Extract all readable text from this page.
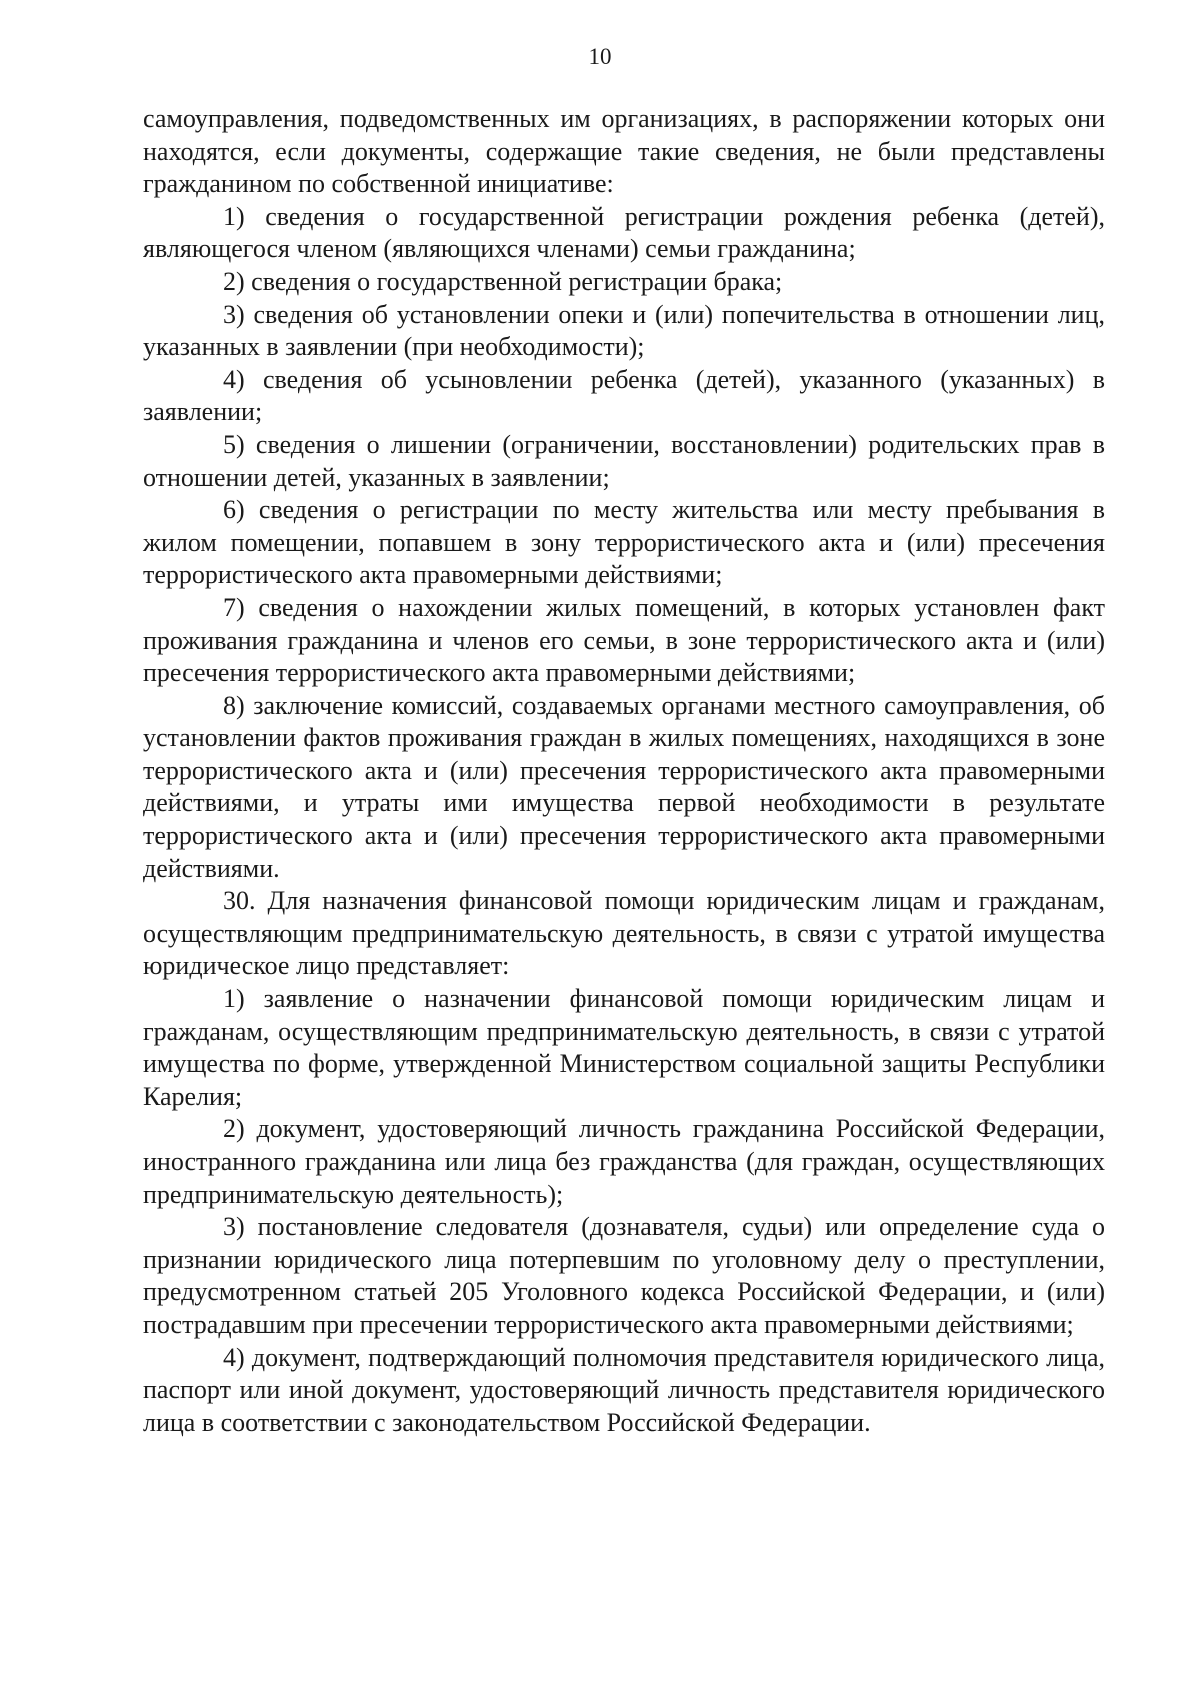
10

самоуправления, подведомственных им организациях, в распоряжении которых они находятся, если документы, содержащие такие сведения, не были представлены гражданином по собственной инициативе:

1) сведения о государственной регистрации рождения ребенка (детей), являющегося членом (являющихся членами) семьи гражданина;

2) сведения о государственной регистрации брака;

3) сведения об установлении опеки и (или) попечительства в отношении лиц, указанных в заявлении (при необходимости);

4) сведения об усыновлении ребенка (детей), указанного (указанных) в заявлении;

5) сведения о лишении (ограничении, восстановлении) родительских прав в отношении детей, указанных в заявлении;

6) сведения о регистрации по месту жительства или месту пребывания в жилом помещении, попавшем в зону террористического акта и (или) пресечения террористического акта правомерными действиями;

7) сведения о нахождении жилых помещений, в которых установлен факт проживания гражданина и членов его семьи, в зоне террористического акта и (или) пресечения террористического акта правомерными действиями;

8) заключение комиссий, создаваемых органами местного самоуправления, об установлении фактов проживания граждан в жилых помещениях, находящихся в зоне террористического акта и (или) пресечения террористического акта правомерными действиями, и утраты ими имущества первой необходимости в результате террористического акта и (или) пресечения террористического акта правомерными действиями.

30. Для назначения финансовой помощи юридическим лицам и гражданам, осуществляющим предпринимательскую деятельность, в связи с утратой имущества юридическое лицо представляет:

1) заявление о назначении финансовой помощи юридическим лицам и гражданам, осуществляющим предпринимательскую деятельность, в связи с утратой имущества по форме, утвержденной Министерством социальной защиты Республики Карелия;

2) документ, удостоверяющий личность гражданина Российской Федерации, иностранного гражданина или лица без гражданства (для граждан, осуществляющих предпринимательскую деятельность);

3) постановление следователя (дознавателя, судьи) или определение суда о признании юридического лица потерпевшим по уголовному делу о преступлении, предусмотренном статьей 205 Уголовного кодекса Российской Федерации, и (или) пострадавшим при пресечении террористического акта правомерными действиями;

4) документ, подтверждающий полномочия представителя юридического лица, паспорт или иной документ, удостоверяющий личность представителя юридического лица в соответствии с законодательством Российской Федерации.
